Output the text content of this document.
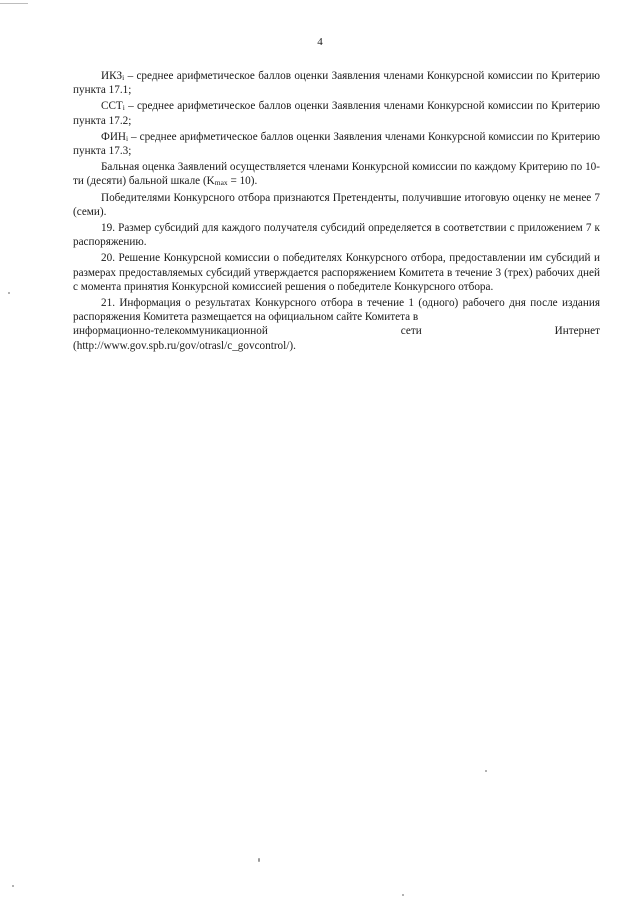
4

$ИКЗ_i$ – среднее арифметическое баллов оценки Заявления членами Конкурсной комиссии по Критерию пункта 17.1;

$ССТ_i$ – среднее арифметическое баллов оценки Заявления членами Конкурсной комиссии по Критерию пункта 17.2;

$ФИН_i$ – среднее арифметическое баллов оценки Заявления членами Конкурсной комиссии по Критерию пункта 17.3;

Бальная оценка Заявлений осуществляется членами Конкурсной комиссии по каждому Критерию по 10-ти (десяти) бальной шкале $(K_{max} = 10)$.

Победителями Конкурсного отбора признаются Претенденты, получившие итоговую оценку не менее 7 (семи).

19. Размер субсидий для каждого получателя субсидий определяется в соответствии с приложением 7 к распоряжению.

20. Решение Конкурсной комиссии о победителях Конкурсного отбора, предоставлении им субсидий и размерах предоставляемых субсидий утверждается распоряжением Комитета в течение 3 (трех) рабочих дней с момента принятия Конкурсной комиссией решения о победителе Конкурсного отбора.

21. Информация о результатах Конкурсного отбора в течение 1 (одного) рабочего дня после издания распоряжения Комитета размещается на официальном сайте Комитета в

информационно-телекоммуникационной	сети	Интернет
(http://www.gov.spb.ru/gov/otrasl/c_govcontrol/).
